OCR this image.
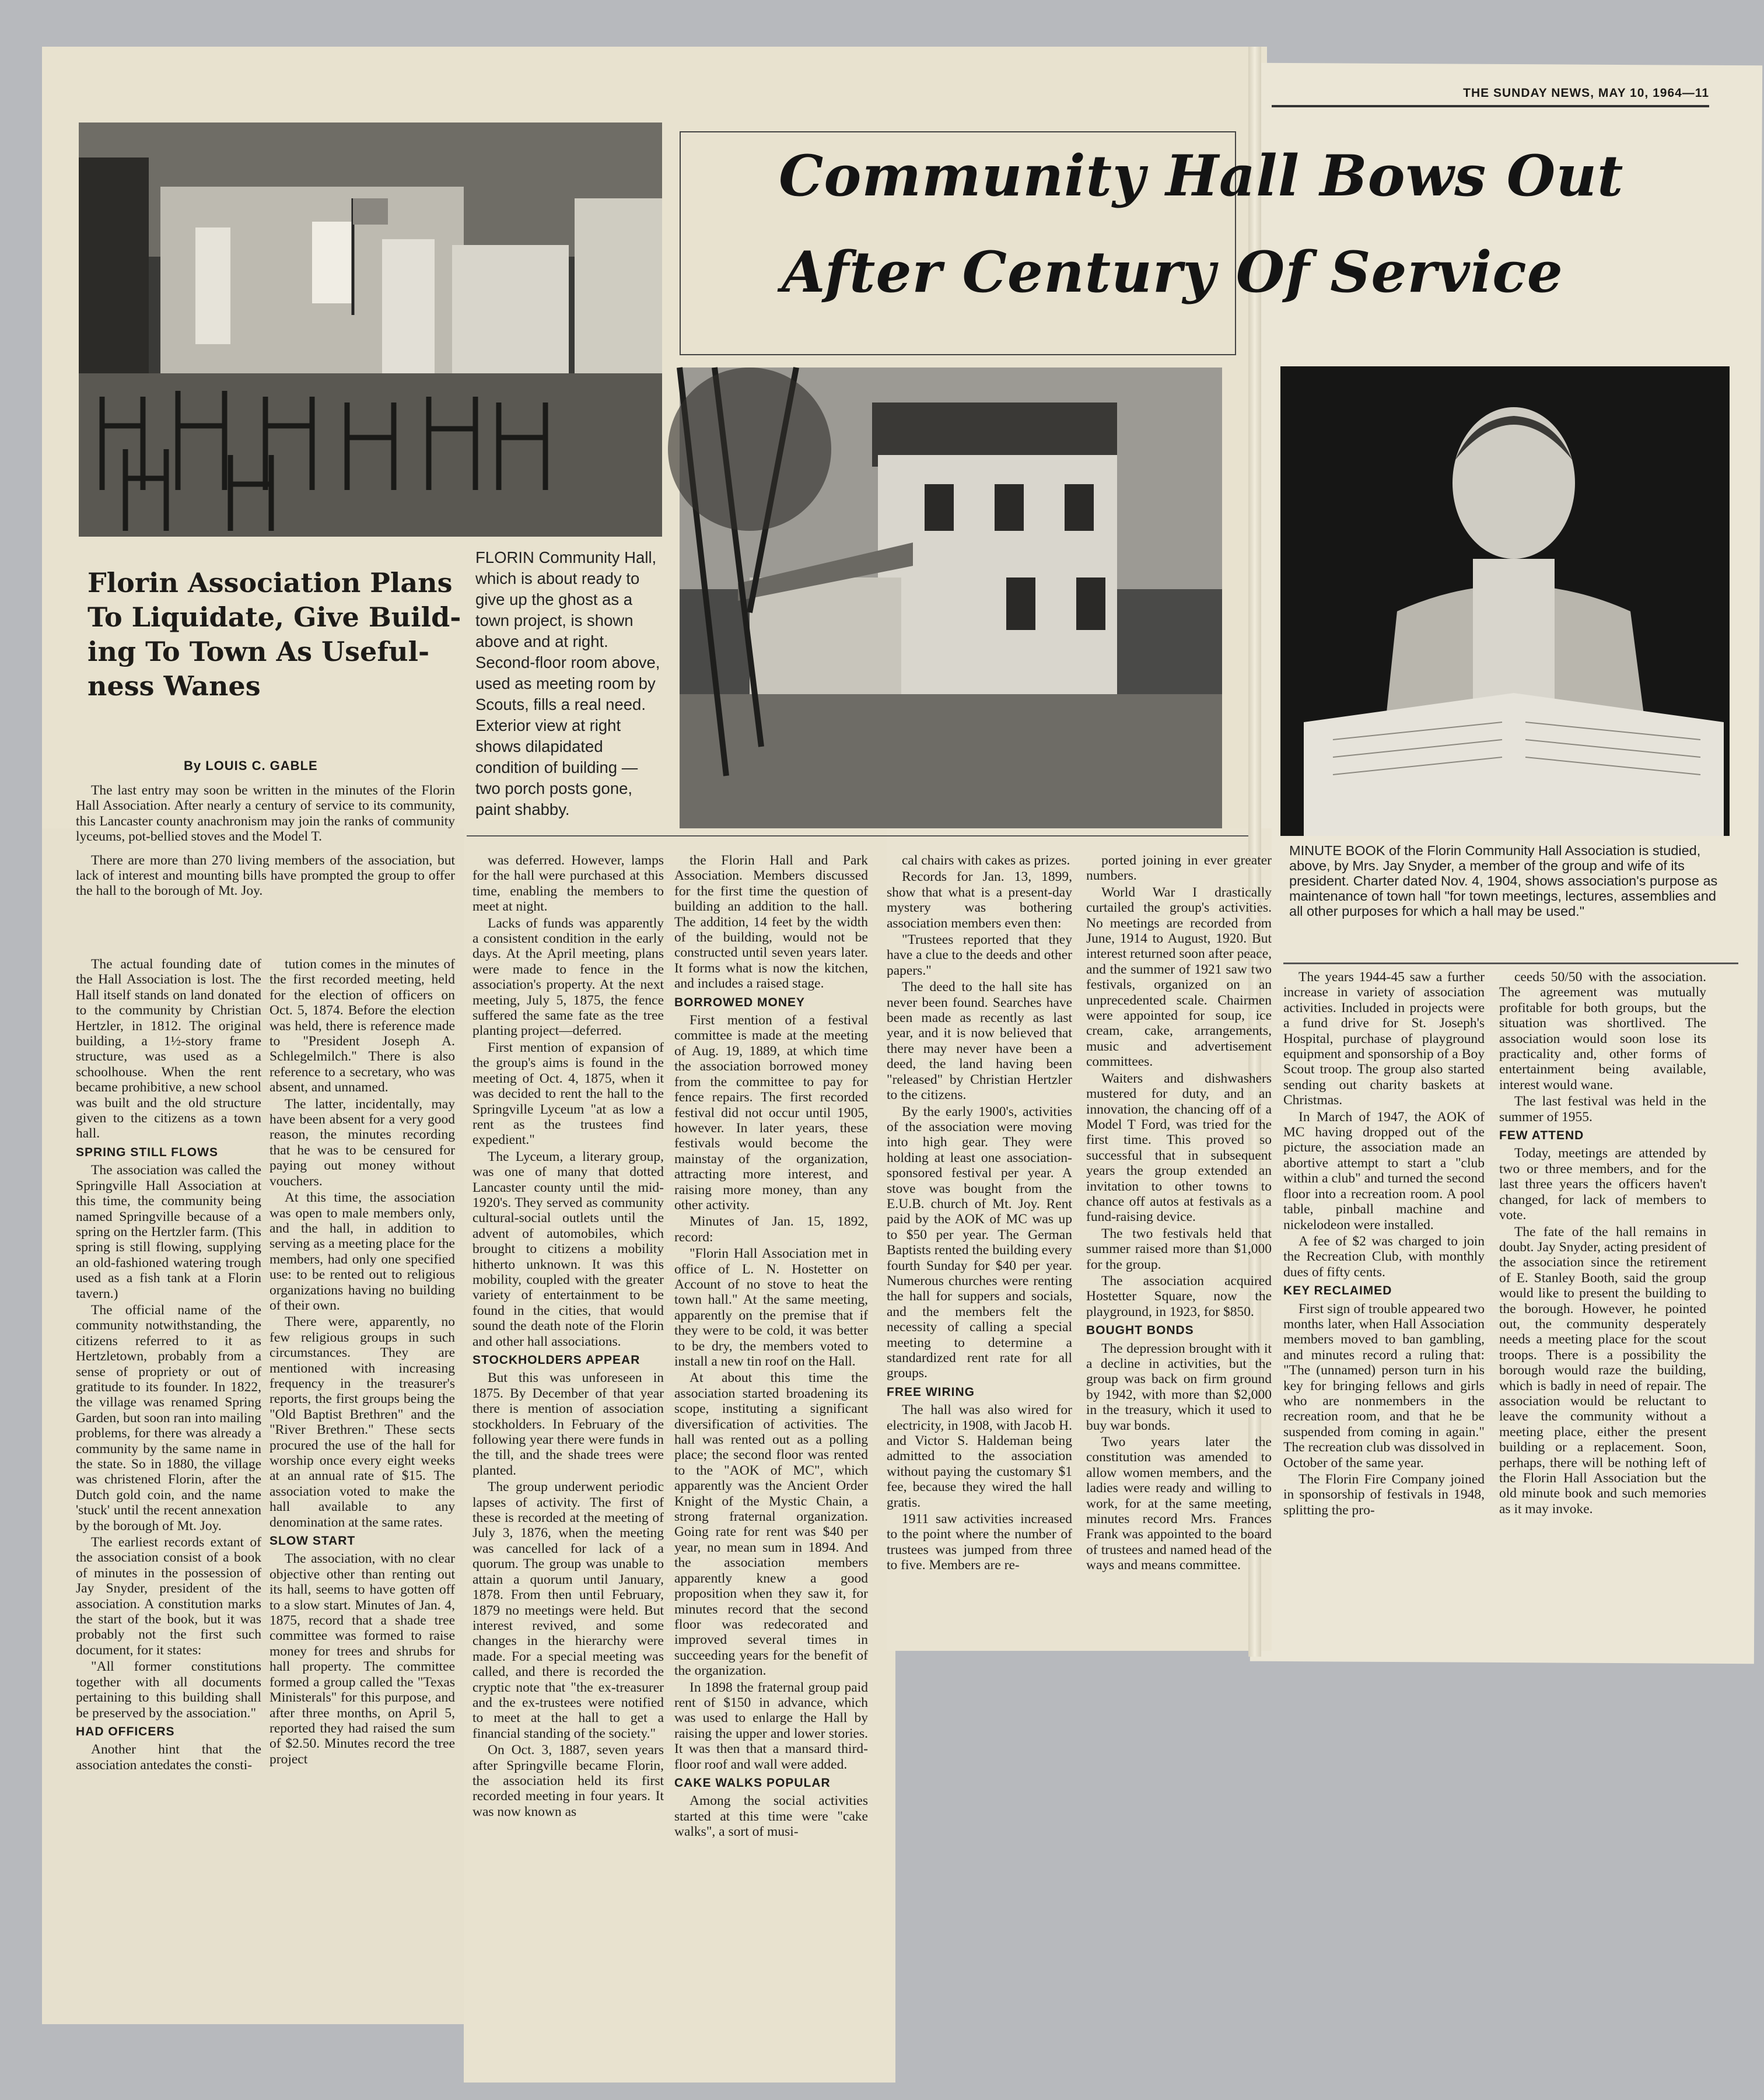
THE SUNDAY NEWS, MAY 10, 1964—11
Community Hall Bows Out
After Century Of Service
Florin Association Plans
To Liquidate, Give Build-
ing To Town As Useful-
ness Wanes
By LOUIS C. GABLE
FLORIN Community Hall, which is about ready to give up the ghost as a town project, is shown above and at right. Second-floor room above, used as meeting room by Scouts, fills a real need. Exterior view at right shows dilapidated condition of building — two porch posts gone, paint shabby.
MINUTE BOOK of the Florin Community Hall Association is studied, above, by Mrs. Jay Snyder, a member of the group and wife of its president. Charter dated Nov. 4, 1904, shows association's purpose as maintenance of town hall "for town meetings, lectures, assemblies and all other purposes for which a hall may be used."

The last entry may soon be written in the minutes of the Florin Hall Association. After nearly a century of service to its community, this Lancaster county anachronism may join the ranks of community lyceums, pot-bellied stoves and the Model T.

There are more than 270 living members of the association, but lack of interest and mounting bills have prompted the group to offer the hall to the borough of Mt. Joy.

The actual founding date of the Hall Association is lost. The Hall itself stands on land donated to the community by Christian Hertzler, in 1812. The original building, a 1½-story frame structure, was used as a schoolhouse. When the rent became prohibitive, a new school was built and the old structure given to the citizens as a town hall.

SPRING STILL FLOWS

The association was called the Springville Hall Association at this time, the community being named Springville because of a spring on the Hertzler farm. (This spring is still flowing, supplying an old-fashioned watering trough used as a fish tank at a Florin tavern.)

The official name of the community notwithstanding, the citizens referred to it as Hertzletown, probably from a sense of propriety or out of gratitude to its founder. In 1822, the village was renamed Spring Garden, but soon ran into mailing problems, for there was already a community by the same name in the state. So in 1880, the village was christened Florin, after the Dutch gold coin, and the name 'stuck' until the recent annexation by the borough of Mt. Joy.

The earliest records extant of the association consist of a book of minutes in the possession of Jay Snyder, president of the association. A constitution marks the start of the book, but it was probably not the first such document, for it states:

"All former constitutions together with all documents pertaining to this building shall be preserved by the association."

HAD OFFICERS

Another hint that the association antedates the consti-

tution comes in the minutes of the first recorded meeting, held for the election of officers on Oct. 5, 1874. Before the election was held, there is reference made to "President Joseph A. Schlegelmilch." There is also reference to a secretary, who was absent, and unnamed.

The latter, incidentally, may have been absent for a very good reason, the minutes recording that he was to be censured for paying out money without vouchers.

At this time, the association was open to male members only, and the hall, in addition to serving as a meeting place for the members, had only one specified use: to be rented out to religious organizations having no building of their own.

There were, apparently, no few religious groups in such circumstances. They are mentioned with increasing frequency in the treasurer's reports, the first groups being the "Old Baptist Brethren" and the "River Brethren." These sects procured the use of the hall for worship once every eight weeks at an annual rate of $15. The association voted to make the hall available to any denomination at the same rates.

SLOW START

The association, with no clear objective other than renting out its hall, seems to have gotten off to a slow start. Minutes of Jan. 4, 1875, record that a shade tree committee was formed to raise money for trees and shrubs for hall property. The committee formed a group called the "Texas Ministerals" for this purpose, and after three months, on April 5, reported they had raised the sum of $2.50. Minutes record the tree project

was deferred. However, lamps for the hall were purchased at this time, enabling the members to meet at night.

Lacks of funds was apparently a consistent condition in the early days. At the April meeting, plans were made to fence in the association's property. At the next meeting, July 5, 1875, the fence suffered the same fate as the tree planting project—deferred.

First mention of expansion of the group's aims is found in the meeting of Oct. 4, 1875, when it was decided to rent the hall to the Springville Lyceum "at as low a rent as the trustees find expedient."

The Lyceum, a literary group, was one of many that dotted Lancaster county until the mid-1920's. They served as community cultural-social outlets until the advent of automobiles, which brought to citizens a mobility hitherto unknown. It was this mobility, coupled with the greater variety of entertainment to be found in the cities, that would sound the death note of the Florin and other hall associations.

STOCKHOLDERS APPEAR

But this was unforeseen in 1875. By December of that year there is mention of association stockholders. In February of the following year there were funds in the till, and the shade trees were planted.

The group underwent periodic lapses of activity. The first of these is recorded at the meeting of July 3, 1876, when the meeting was cancelled for lack of a quorum. The group was unable to attain a quorum until January, 1878. From then until February, 1879 no meetings were held. But interest revived, and some changes in the hierarchy were made. For a special meeting was called, and there is recorded the cryptic note that "the ex-treasurer and the ex-trustees were notified to meet at the hall to get a financial standing of the society."

On Oct. 3, 1887, seven years after Springville became Florin, the association held its first recorded meeting in four years. It was now known as

the Florin Hall and Park Association. Members discussed for the first time the question of building an addition to the hall. The addition, 14 feet by the width of the building, would not be constructed until seven years later. It forms what is now the kitchen, and includes a raised stage.

BORROWED MONEY

First mention of a festival committee is made at the meeting of Aug. 19, 1889, at which time the association borrowed money from the committee to pay for fence repairs. The first recorded festival did not occur until 1905, however. In later years, these festivals would become the mainstay of the organization, attracting more interest, and raising more money, than any other activity.

Minutes of Jan. 15, 1892, record:

"Florin Hall Association met in office of L. N. Hostetter on Account of no stove to heat the town hall." At the same meeting, apparently on the premise that if they were to be cold, it was better to be dry, the members voted to install a new tin roof on the Hall.

At about this time the association started broadening its scope, instituting a significant diversification of activities. The hall was rented out as a polling place; the second floor was rented to the "AOK of MC", which apparently was the Ancient Order Knight of the Mystic Chain, a strong fraternal organization. Going rate for rent was $40 per year, no mean sum in 1894. And the association members apparently knew a good proposition when they saw it, for minutes record that the second floor was redecorated and improved several times in succeeding years for the benefit of the organization.

In 1898 the fraternal group paid rent of $150 in advance, which was used to enlarge the Hall by raising the upper and lower stories. It was then that a mansard third-floor roof and wall were added.

CAKE WALKS POPULAR

Among the social activities started at this time were "cake walks", a sort of musi-

cal chairs with cakes as prizes.

Records for Jan. 13, 1899, show that what is a present-day mystery was bothering association members even then:

"Trustees reported that they have a clue to the deeds and other papers."

The deed to the hall site has never been found. Searches have been made as recently as last year, and it is now believed that there may never have been a deed, the land having been "released" by Christian Hertzler to the citizens.

By the early 1900's, activities of the association were moving into high gear. They were holding at least one association-sponsored festival per year. A stove was bought from the E.U.B. church of Mt. Joy. Rent paid by the AOK of MC was up to $50 per year. The German Baptists rented the building every fourth Sunday for $40 per year. Numerous churches were renting the hall for suppers and socials, and the members felt the necessity of calling a special meeting to determine a standardized rent rate for all groups.

FREE WIRING

The hall was also wired for electricity, in 1908, with Jacob H. and Victor S. Haldeman being admitted to the association without paying the customary $1 fee, because they wired the hall gratis.

1911 saw activities increased to the point where the number of trustees was jumped from three to five. Members are re-

ported joining in ever greater numbers.

World War I drastically curtailed the group's activities. No meetings are recorded from June, 1914 to August, 1920. But interest returned soon after peace, and the summer of 1921 saw two festivals, organized on an unprecedented scale. Chairmen were appointed for soup, ice cream, cake, arrangements, music and advertisement committees.

Waiters and dishwashers mustered for duty, and an innovation, the chancing off of a Model T Ford, was tried for the first time. This proved so successful that in subsequent years the group extended an invitation to other towns to chance off autos at festivals as a fund-raising device.

The two festivals held that summer raised more than $1,000 for the group.

The association acquired Hostetter Square, now the playground, in 1923, for $850.

BOUGHT BONDS

The depression brought with it a decline in activities, but the group was back on firm ground by 1942, with more than $2,000 in the treasury, which it used to buy war bonds.

Two years later the constitution was amended to allow women members, and the ladies were ready and willing to work, for at the same meeting, minutes record Mrs. Frances Frank was appointed to the board of trustees and named head of the ways and means committee.

The years 1944-45 saw a further increase in variety of association activities. Included in projects were a fund drive for St. Joseph's Hospital, purchase of playground equipment and sponsorship of a Boy Scout troop. The group also started sending out charity baskets at Christmas.

In March of 1947, the AOK of MC having dropped out of the picture, the association made an abortive attempt to start a "club within a club" and turned the second floor into a recreation room. A pool table, pinball machine and nickelodeon were installed.

A fee of $2 was charged to join the Recreation Club, with monthly dues of fifty cents.

KEY RECLAIMED

First sign of trouble appeared two months later, when Hall Association members moved to ban gambling, and minutes record a ruling that: "The (unnamed) person turn in his key for bringing fellows and girls who are nonmembers in the recreation room, and that he be suspended from coming in again." The recreation club was dissolved in October of the same year.

The Florin Fire Company joined in sponsorship of festivals in 1948, splitting the pro-

ceeds 50/50 with the association. The agreement was mutually profitable for both groups, but the situation was shortlived. The association would soon lose its practicality and, other forms of entertainment being available, interest would wane.

The last festival was held in the summer of 1955.

FEW ATTEND

Today, meetings are attended by two or three members, and for the last three years the officers haven't changed, for lack of members to vote.

The fate of the hall remains in doubt. Jay Snyder, acting president of the association since the retirement of E. Stanley Booth, said the group would like to present the building to the borough. However, he pointed out, the community desperately needs a meeting place for the scout troops. There is a possibility the borough would raze the building, which is badly in need of repair. The association would be reluctant to leave the community without a meeting place, either the present building or a replacement. Soon, perhaps, there will be nothing left of the Florin Hall Association but the old minute book and such memories as it may invoke.
